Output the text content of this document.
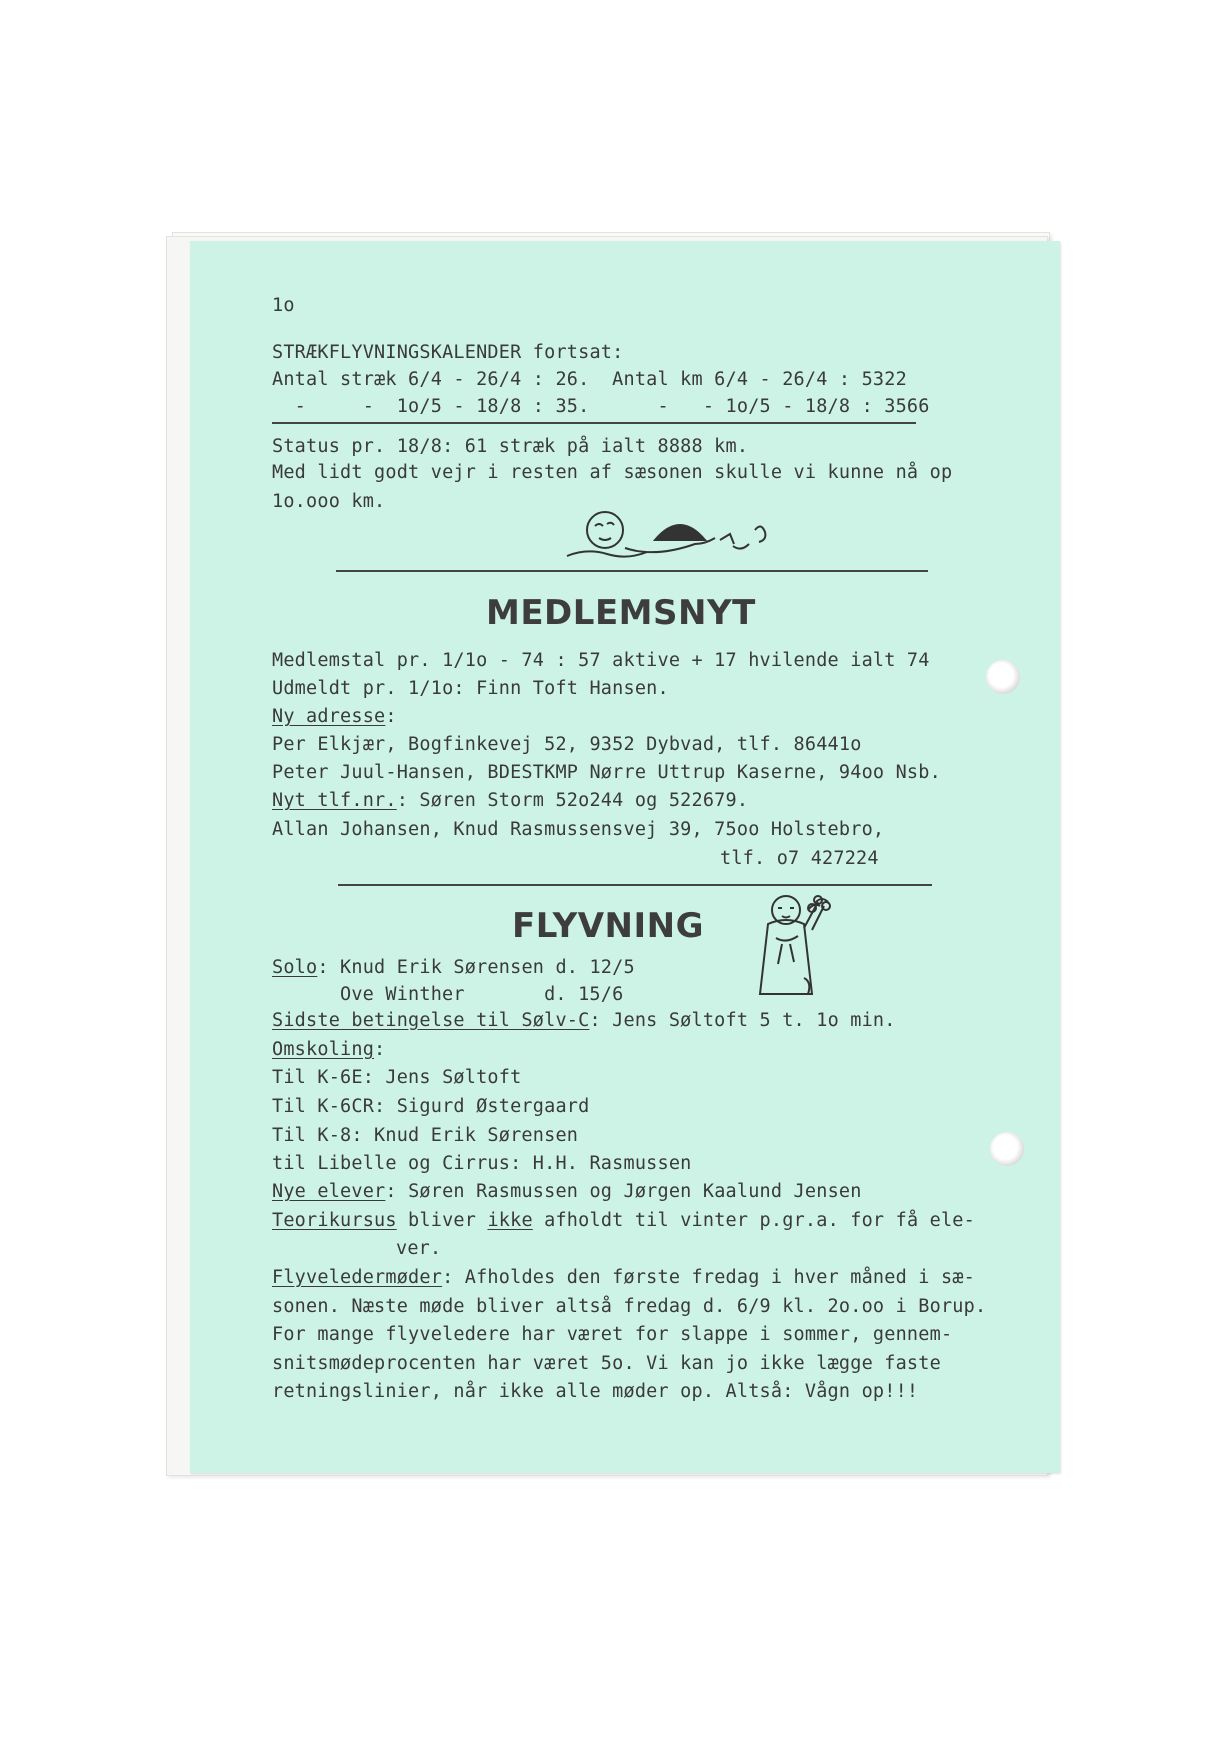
1o
STRÆKFLYVNINGSKALENDER fortsat:
Antal stræk 6/4 - 26/4 : 26.  Antal km 6/4 - 26/4 : 5322
-     -  1o/5 - 18/8 : 35.      -   - 1o/5 - 18/8 : 3566
Status pr. 18/8: 61 stræk på ialt 8888 km.
Med lidt godt vejr i resten af sæsonen skulle vi kunne nå op
1o.ooo km.
MEDLEMSNYT
Medlemstal pr. 1/1o - 74 : 57 aktive + 17 hvilende ialt 74
Udmeldt pr. 1/1o: Finn Toft Hansen.
Ny adresse:
Per Elkjær, Bogfinkevej 52, 9352 Dybvad, tlf. 86441o
Peter Juul-Hansen, BDESTKMP Nørre Uttrup Kaserne, 94oo Nsb.
Nyt tlf.nr.: Søren Storm 52o244 og 522679.
Allan Johansen, Knud Rasmussensvej 39, 75oo Holstebro,
tlf. o7 427224
FLYVNING
Solo: Knud Erik Sørensen d. 12/5
Ove Winther       d. 15/6
Sidste betingelse til Sølv-C: Jens Søltoft 5 t. 1o min.
Omskoling:
Til K-6E: Jens Søltoft
Til K-6CR: Sigurd Østergaard
Til K-8: Knud Erik Sørensen
til Libelle og Cirrus: H.H. Rasmussen
Nye elever: Søren Rasmussen og Jørgen Kaalund Jensen
Teorikursus bliver ikke afholdt til vinter p.gr.a. for få ele-
ver.
Flyveledermøder: Afholdes den første fredag i hver måned i sæ-
sonen. Næste møde bliver altså fredag d. 6/9 kl. 2o.oo i Borup.
For mange flyveledere har været for slappe i sommer, gennem-
snitsmødeprocenten har været 5o. Vi kan jo ikke lægge faste
retningslinier, når ikke alle møder op. Altså: Vågn op!!!
